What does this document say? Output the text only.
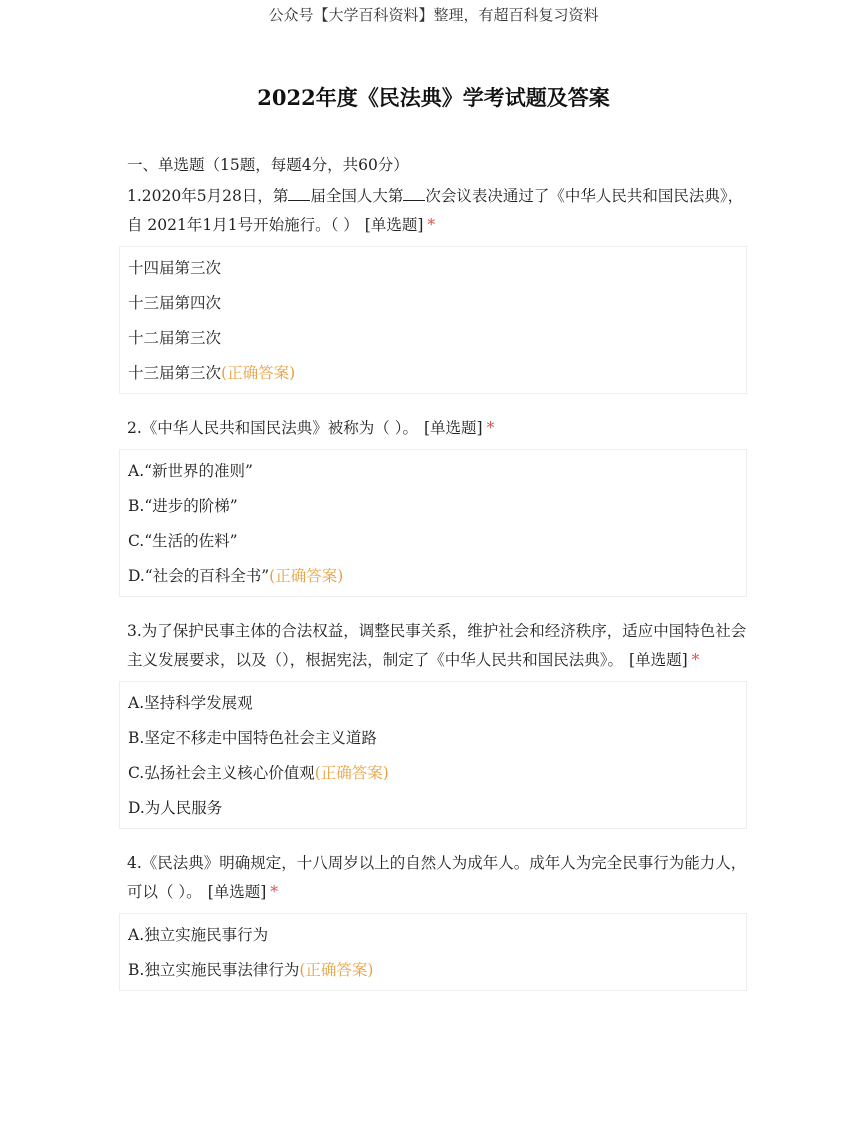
公众号【大学百科资料】整理，有超百科复习资料
2022年度《民法典》学考试题及答案
一、单选题（15题，每题4分，共60分）
1.2020年5月28日，第 届全国人大第 次会议表决通过了《中华人民共和国民法典》，自 2021年1月1号开始施行。（ ） [单选题] *
十四届第三次
十三届第四次
十二届第三次
十三届第三次(正确答案)
2.《中华人民共和国民法典》被称为（ ）。 [单选题] *
A.“新世界的准则”
B.“进步的阶梯”
C.“生活的佐料”
D.“社会的百科全书”(正确答案)
3.为了保护民事主体的合法权益，调整民事关系，维护社会和经济秩序，适应中国特色社会主义发展要求，以及（），根据宪法，制定了《中华人民共和国民法典》。 [单选题] *
A.坚持科学发展观
B.坚定不移走中国特色社会主义道路
C.弘扬社会主义核心价值观(正确答案)
D.为人民服务
4.《民法典》明确规定，十八周岁以上的自然人为成年人。成年人为完全民事行为能力人，可以（ ）。 [单选题] *
A.独立实施民事行为
B.独立实施民事法律行为(正确答案)
